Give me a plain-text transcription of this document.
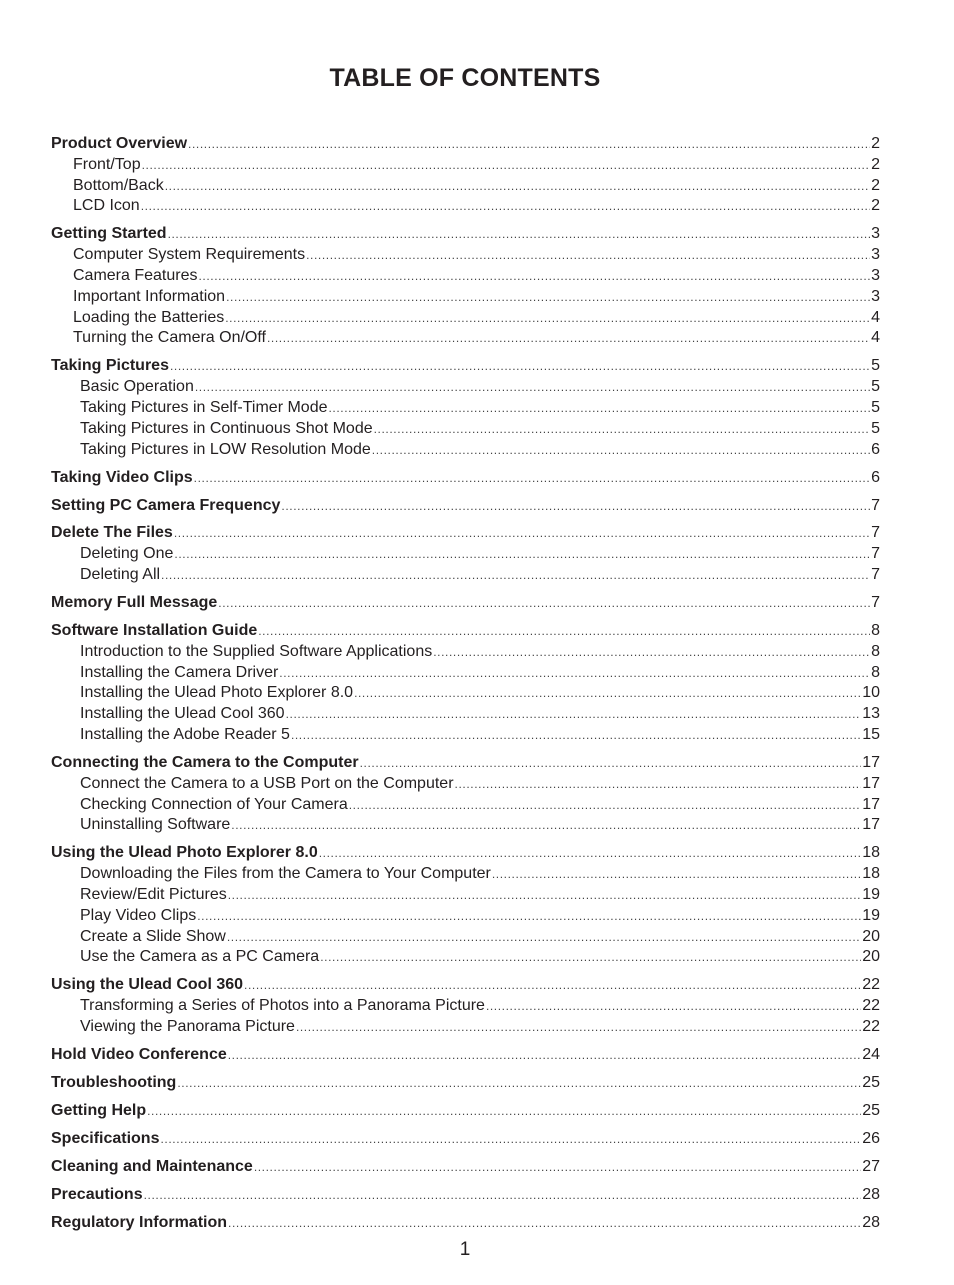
TABLE OF CONTENTS
Product Overview .....	2
Front/Top .....	2
Bottom/Back .....	2
LCD Icon .....	2
Getting Started .....	3
Computer System Requirements .....	3
Camera Features .....	3
Important Information .....	3
Loading the Batteries .....	4
Turning the Camera On/Off .....	4
Taking Pictures .....	5
Basic Operation .....	5
Taking Pictures in Self-Timer Mode .....	5
Taking Pictures in Continuous Shot Mode .....	5
Taking Pictures in LOW Resolution Mode .....	6
Taking Video Clips .....	6
Setting PC Camera Frequency .....	7
Delete The Files .....	7
Deleting One .....	7
Deleting All .....	7
Memory Full Message .....	7
Software Installation Guide .....	8
Introduction to the Supplied Software Applications .....	8
Installing the Camera Driver .....	8
Installing the Ulead Photo Explorer 8.0 .....	10
Installing the Ulead Cool 360 .....	13
Installing the Adobe Reader 5 .....	15
Connecting the Camera to the Computer .....	17
Connect the Camera to a USB Port on the Computer .....	17
Checking Connection of Your Camera .....	17
Uninstalling Software .....	17
Using the Ulead Photo Explorer 8.0 .....	18
Downloading the Files from the Camera to Your Computer .....	18
Review/Edit Pictures .....	19
Play Video Clips .....	19
Create a Slide Show .....	20
Use the Camera as a PC Camera .....	20
Using the Ulead Cool 360 .....	22
Transforming a Series of Photos into a Panorama Picture .....	22
Viewing the Panorama Picture .....	22
Hold Video Conference .....	24
Troubleshooting .....	25
Getting Help .....	25
Specifications .....	26
Cleaning and Maintenance .....	27
Precautions .....	28
Regulatory Information .....	28
1
